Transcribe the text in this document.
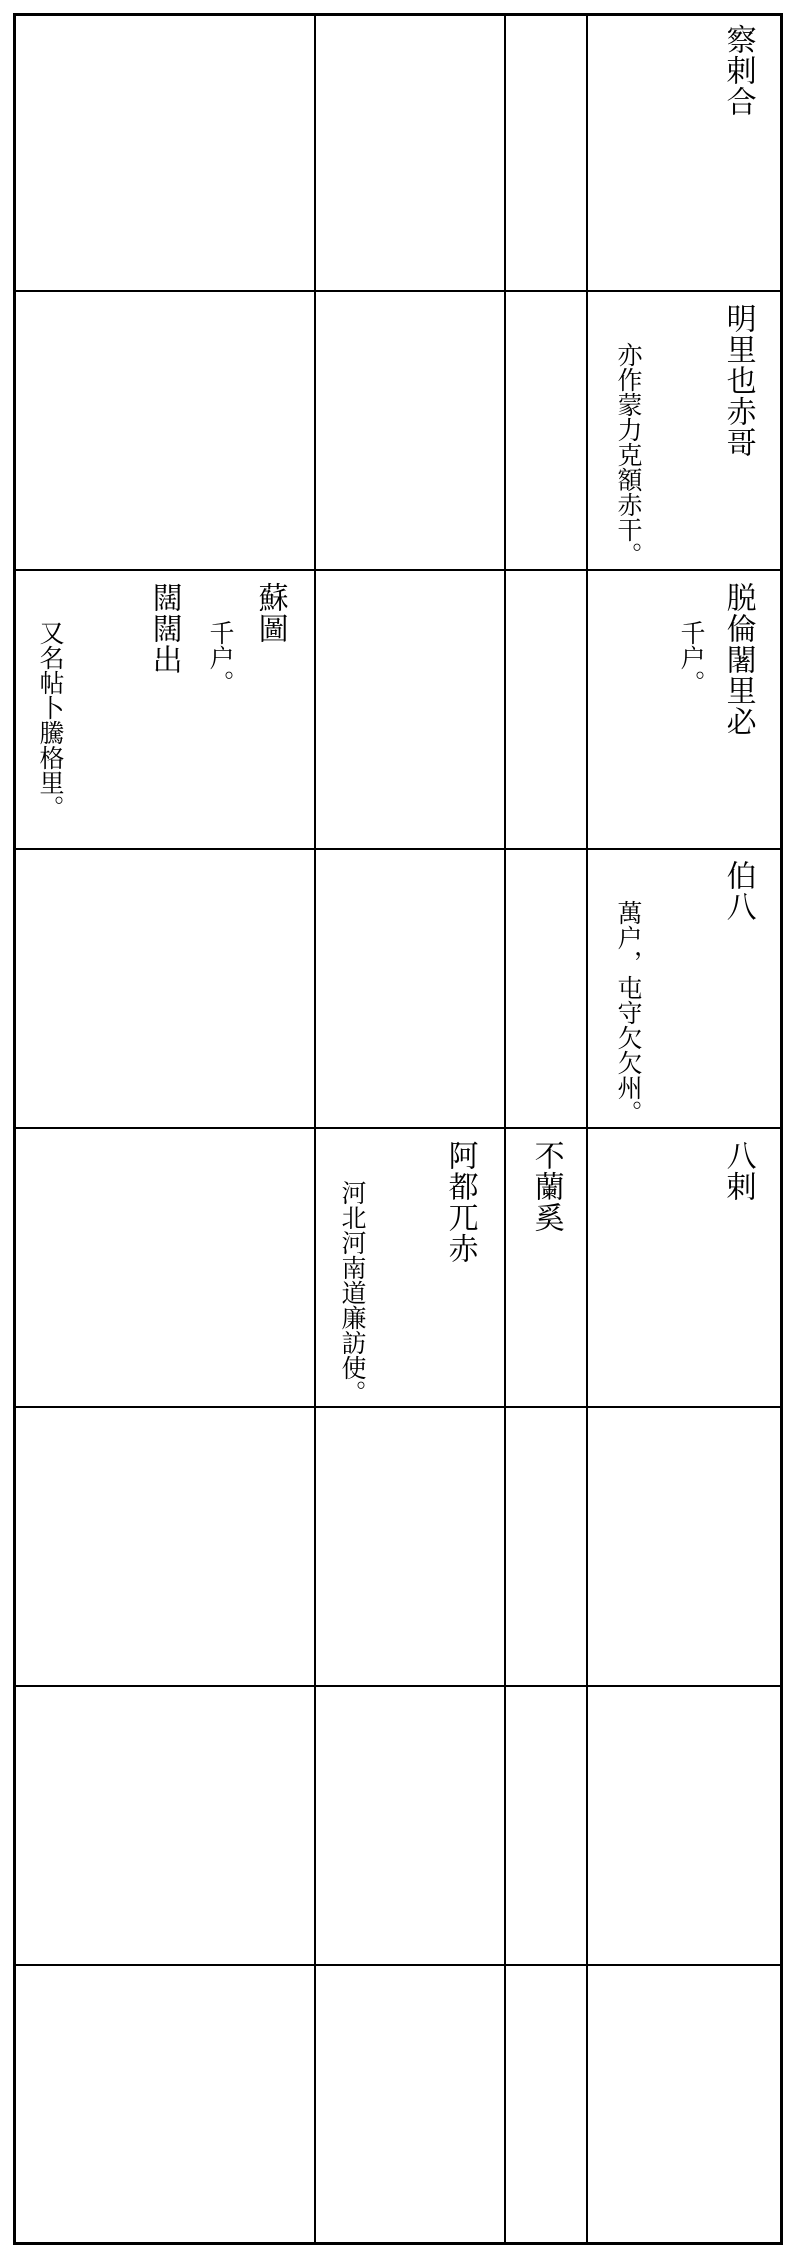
察剌合
明里也赤哥
亦作蒙力克額赤干。
脱倫闍里必
千户。
蘇圖
千户。
闊闊出
又名帖卜騰格里。
伯八
萬户，屯守欠欠州。
八剌
不蘭奚
阿都兀赤
河北河南道廉訪使。
